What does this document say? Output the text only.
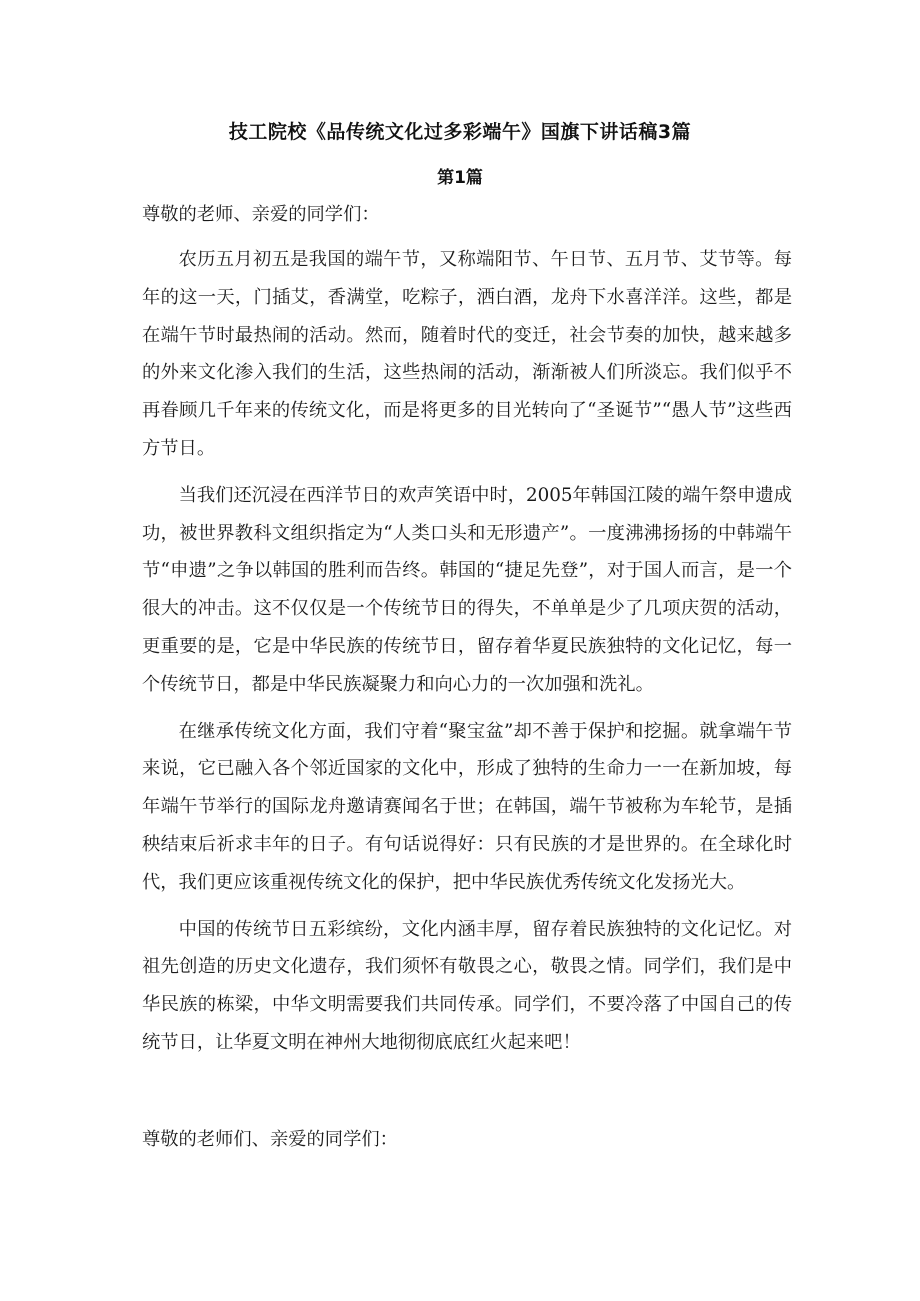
技工院校《品传统文化过多彩端午》国旗下讲话稿3篇
第1篇
尊敬的老师、亲爱的同学们：

农历五月初五是我国的端午节，又称端阳节、午日节、五月节、艾节等。每年的这一天，门插艾，香满堂，吃粽子，洒白酒，龙舟下水喜洋洋。这些，都是在端午节时最热闹的活动。然而，随着时代的变迁，社会节奏的加快，越来越多的外来文化渗入我们的生活，这些热闹的活动，渐渐被人们所淡忘。我们似乎不再眷顾几千年来的传统文化，而是将更多的目光转向了“圣诞节”“愚人节”这些西方节日。

当我们还沉浸在西洋节日的欢声笑语中时，2005年韩国江陵的端午祭申遗成功，被世界教科文组织指定为“人类口头和无形遗产”。一度沸沸扬扬的中韩端午节“申遗”之争以韩国的胜利而告终。韩国的“捷足先登”，对于国人而言，是一个很大的冲击。这不仅仅是一个传统节日的得失，不单单是少了几项庆贺的活动，更重要的是，它是中华民族的传统节日，留存着华夏民族独特的文化记忆，每一个传统节日，都是中华民族凝聚力和向心力的一次加强和洗礼。

在继承传统文化方面，我们守着“聚宝盆”却不善于保护和挖掘。就拿端午节来说，它已融入各个邻近国家的文化中，形成了独特的生命力一一在新加坡，每年端午节举行的国际龙舟邀请赛闻名于世；在韩国，端午节被称为车轮节，是插秧结束后祈求丰年的日子。有句话说得好：只有民族的才是世界的。在全球化时代，我们更应该重视传统文化的保护，把中华民族优秀传统文化发扬光大。

中国的传统节日五彩缤纷，文化内涵丰厚，留存着民族独特的文化记忆。对祖先创造的历史文化遗存，我们须怀有敬畏之心，敬畏之情。同学们，我们是中华民族的栋梁，中华文明需要我们共同传承。同学们，不要冷落了中国自己的传统节日，让华夏文明在神州大地彻彻底底红火起来吧！

尊敬的老师们、亲爱的同学们：
